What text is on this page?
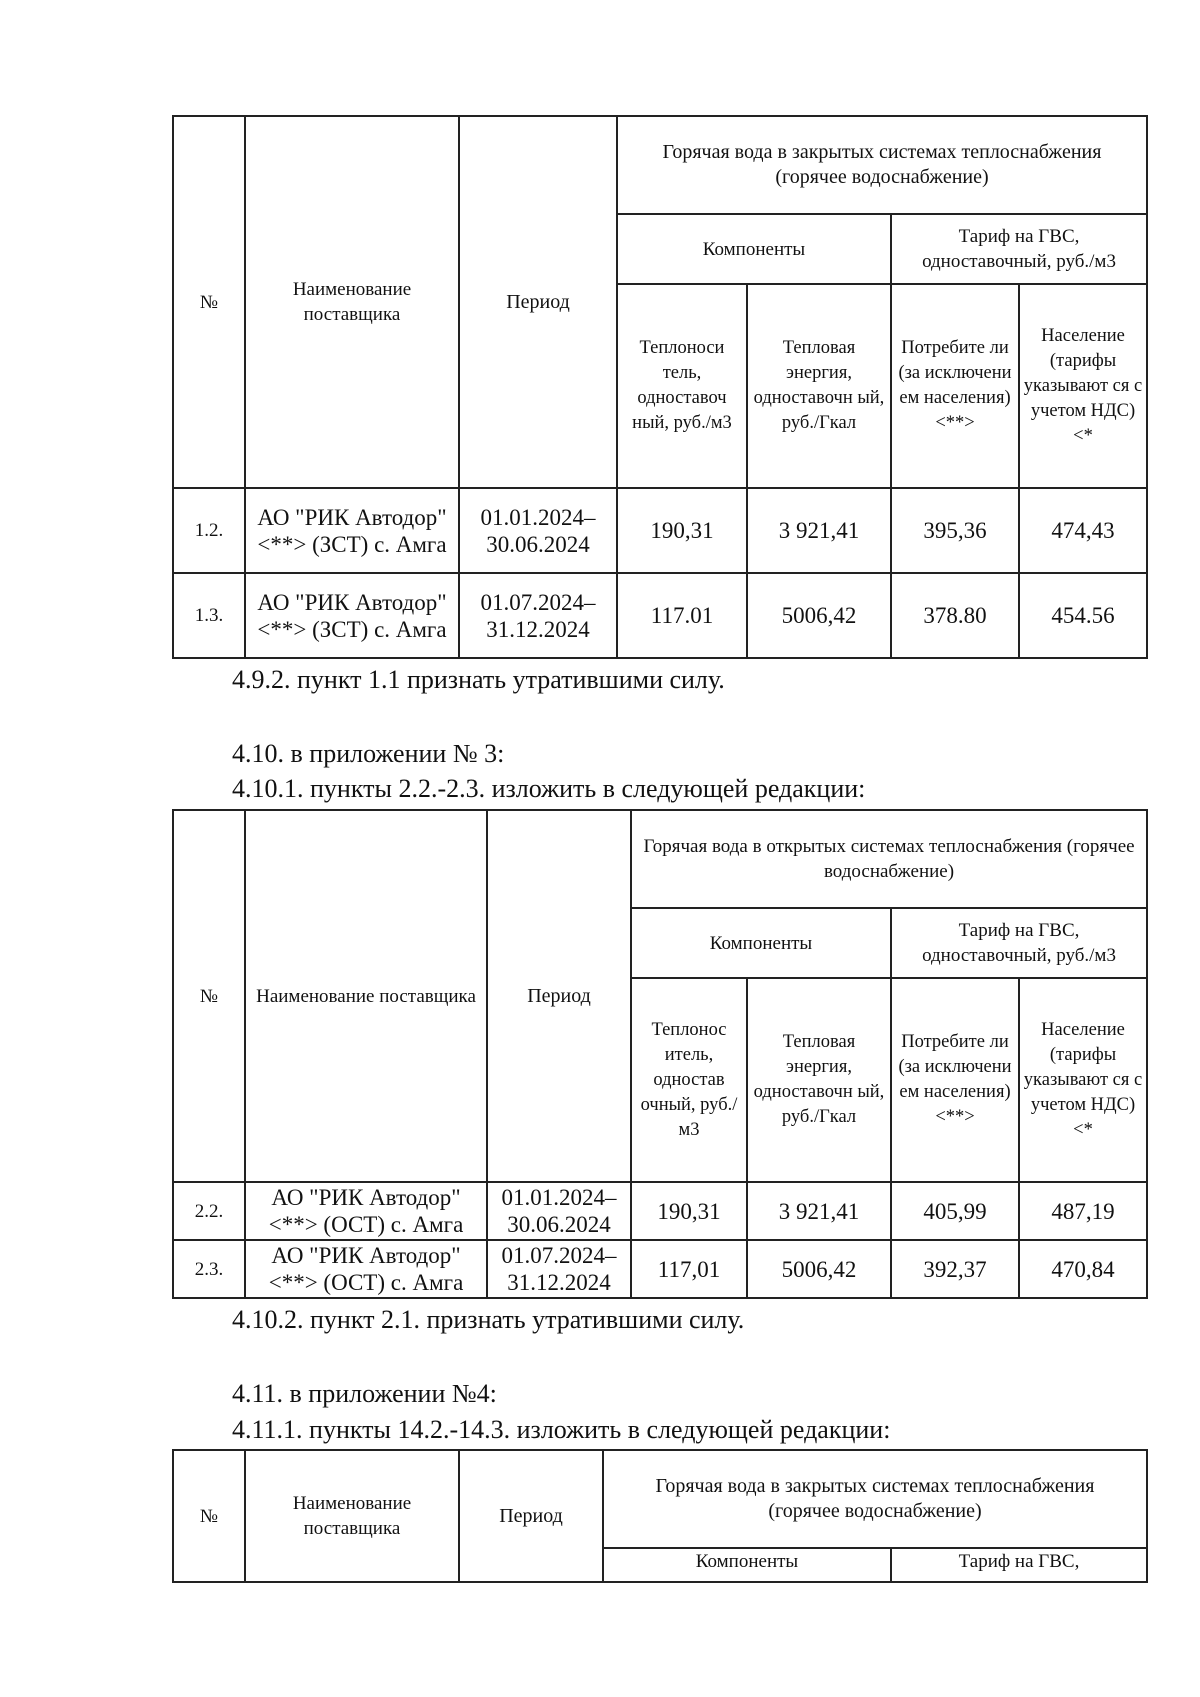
№	Наименование поставщика	Период	Горячая вода в закрытых системах теплоснабжения (горячее водоснабжение)			
			Компоненты		Тариф на ГВС, одноставочный, руб./м3	
			Теплоноси тель, одноставоч ный, руб./м3	Тепловая энергия, одноставочн ый, руб./Гкал	Потребите ли (за исключени ем населения) <**>	Население (тарифы указывают ся с учетом НДС) <*
1.2.	АО "РИК Автодор" <**> (ЗСТ) с. Амга	01.01.2024– 30.06.2024	190,31	3 921,41	395,36	474,43
1.3.	АО "РИК Автодор" <**> (ЗСТ) с. Амга	01.07.2024– 31.12.2024	117.01	5006,42	378.80	454.56
4.9.2. пункт 1.1 признать утратившими силу.
4.10. в приложении № 3:
4.10.1. пункты 2.2.-2.3. изложить в следующей редакции:
№	Наименование поставщика	Период	Горячая вода в открытых системах теплоснабжения (горячее водоснабжение)			
			Компоненты		Тариф на ГВС, одноставочный, руб./м3	
			Теплонос итель, одностав очный, руб./м3	Тепловая энергия, одноставочн ый, руб./Гкал	Потребите ли (за исключени ем населения) <**>	Население (тарифы указывают ся с учетом НДС) <*
2.2.	АО "РИК Автодор" <**> (ОСТ) с. Амга	01.01.2024– 30.06.2024	190,31	3 921,41	405,99	487,19
2.3.	АО "РИК Автодор" <**> (ОСТ) с. Амга	01.07.2024– 31.12.2024	117,01	5006,42	392,37	470,84
4.10.2. пункт 2.1. признать утратившими силу.
4.11. в приложении №4:
4.11.1. пункты 14.2.-14.3. изложить в следующей редакции:
№	Наименование поставщика	Период	Горячая вода в закрытых системах теплоснабжения (горячее водоснабжение)	
			Компоненты	Тариф на ГВС,
